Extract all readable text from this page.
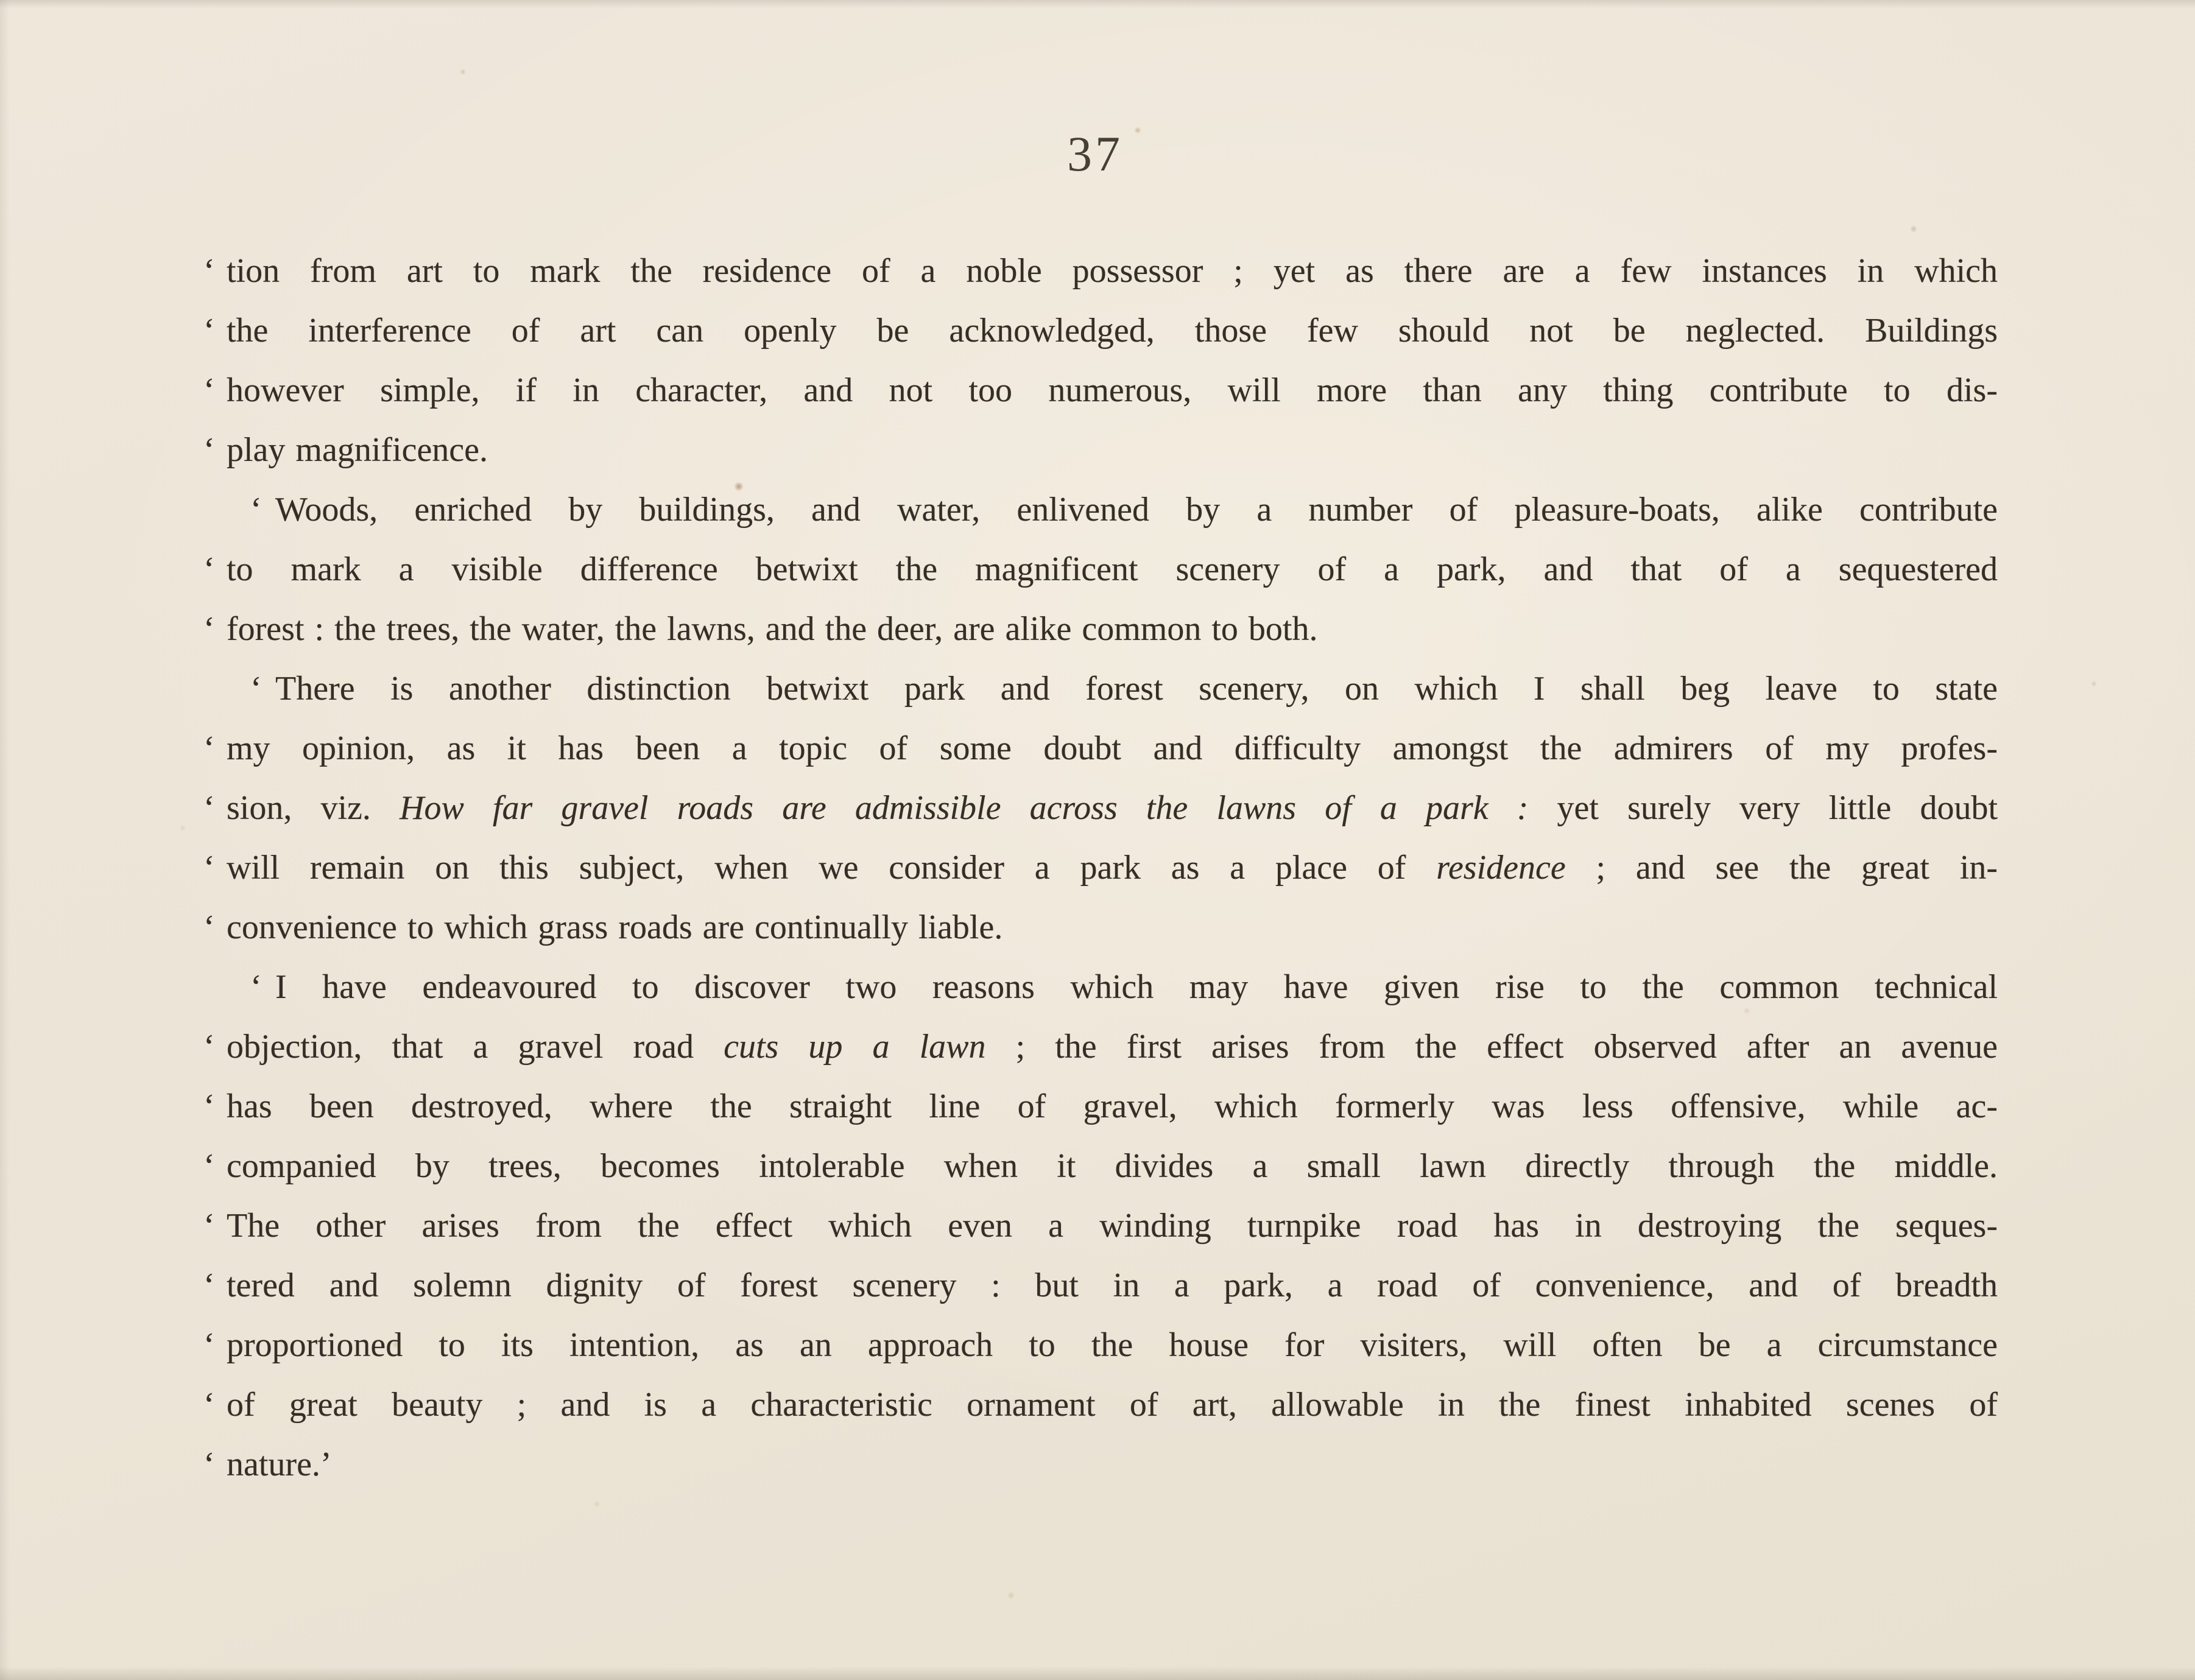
37
‘ tion from art to mark the residence of a noble possessor ; yet as there are a few instances in which
‘ the interference of art can openly be acknowledged, those few should not be neglected. Buildings
‘ however simple, if in character, and not too numerous, will more than any thing contribute to dis-
‘ play magnificence.
‘ Woods, enriched by buildings, and water, enlivened by a number of pleasure-boats, alike contribute
‘ to mark a visible difference betwixt the magnificent scenery of a park, and that of a sequestered
‘ forest : the trees, the water, the lawns, and the deer, are alike common to both.
‘ There is another distinction betwixt park and forest scenery, on which I shall beg leave to state
‘ my opinion, as it has been a topic of some doubt and difficulty amongst the admirers of my profes-
‘ sion, viz. How far gravel roads are admissible across the lawns of a park : yet surely very little doubt
‘ will remain on this subject, when we consider a park as a place of residence ; and see the great in-
‘ convenience to which grass roads are continually liable.
‘ I have endeavoured to discover two reasons which may have given rise to the common technical
‘ objection, that a gravel road cuts up a lawn ; the first arises from the effect observed after an avenue
‘ has been destroyed, where the straight line of gravel, which formerly was less offensive, while ac-
‘ companied by trees, becomes intolerable when it divides a small lawn directly through the middle.
‘ The other arises from the effect which even a winding turnpike road has in destroying the seques-
‘ tered and solemn dignity of forest scenery : but in a park, a road of convenience, and of breadth
‘ proportioned to its intention, as an approach to the house for visiters, will often be a circumstance
‘ of great beauty ; and is a characteristic ornament of art, allowable in the finest inhabited scenes of
‘ nature.’
